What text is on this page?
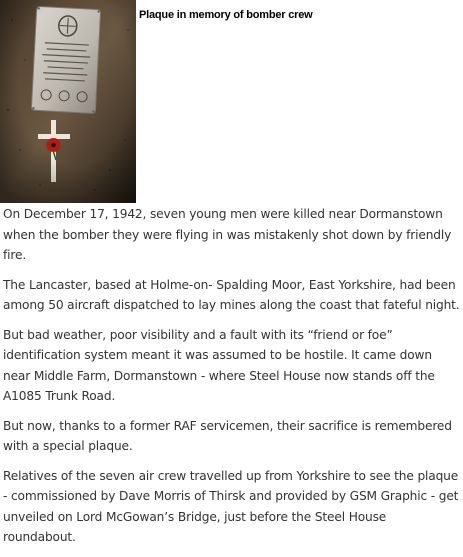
Plaque in memory of bomber crew

On December 17, 1942, seven young men were killed near Dormanstown when the bomber they were flying in was mistakenly shot down by friendly fire.

The Lancaster, based at Holme-on- Spalding Moor, East Yorkshire, had been among 50 aircraft dispatched to lay mines along the coast that fateful night.

But bad weather, poor visibility and a fault with its “friend or foe” identification system meant it was assumed to be hostile. It came down near Middle Farm, Dormanstown - where Steel House now stands off the A1085 Trunk Road.

But now, thanks to a former RAF servicemen, their sacrifice is remembered with a special plaque.

Relatives of the seven air crew travelled up from Yorkshire to see the plaque - commissioned by Dave Morris of Thirsk and provided by GSM Graphic - get unveiled on Lord McGowan’s Bridge, just before the Steel House roundabout.
